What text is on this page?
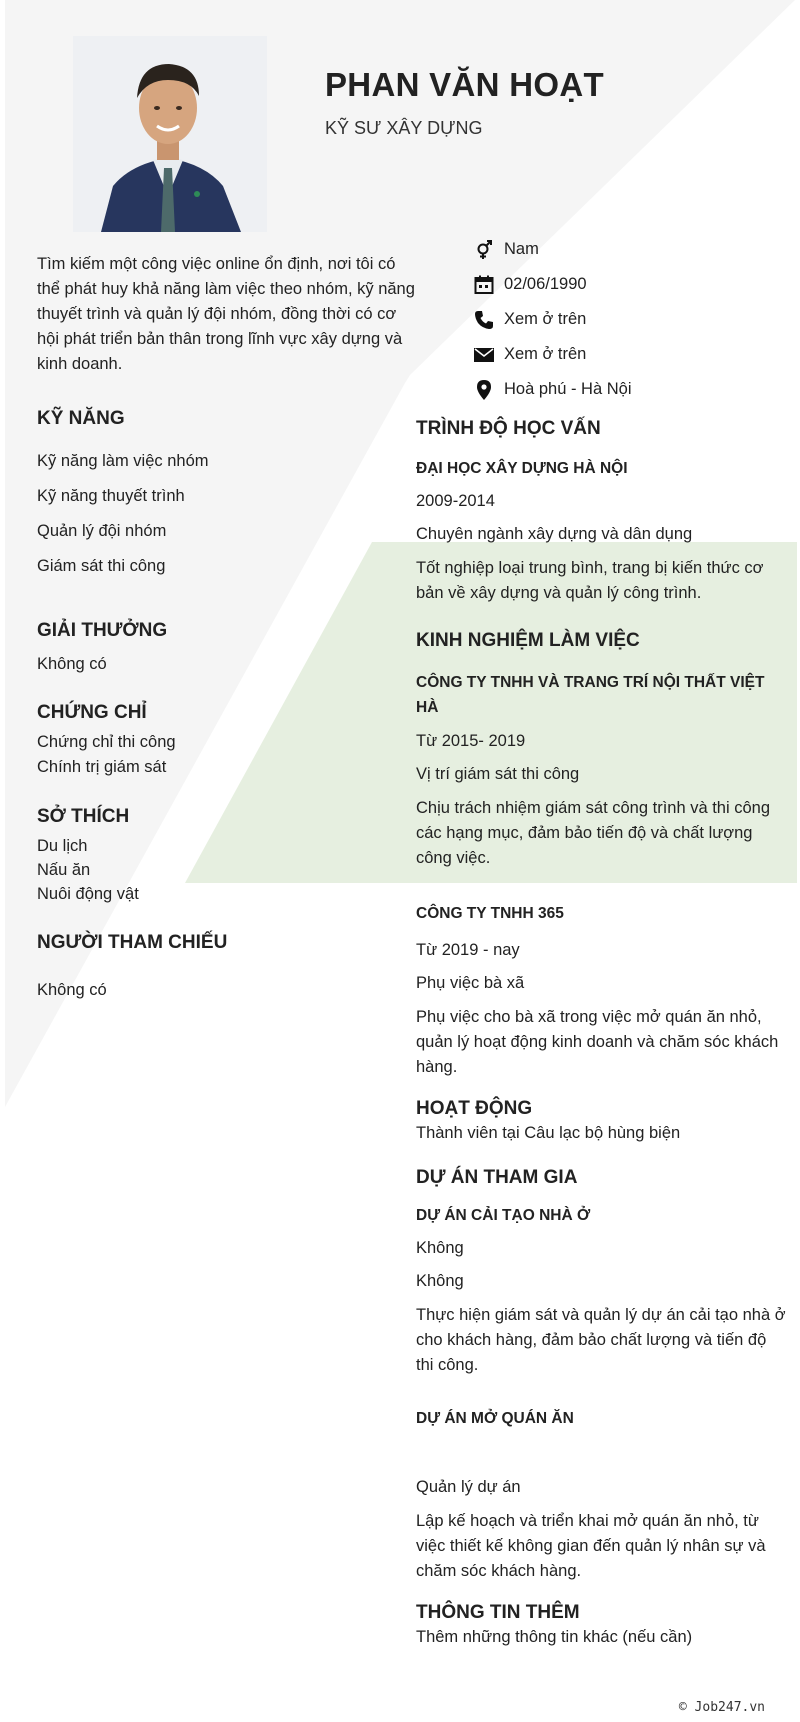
PHAN VĂN HOẠT
KỸ SƯ XÂY DỰNG
Tìm kiếm một công việc online ổn định, nơi tôi có thể phát huy khả năng làm việc theo nhóm, kỹ năng thuyết trình và quản lý đội nhóm, đồng thời có cơ hội phát triển bản thân trong lĩnh vực xây dựng và kinh doanh.
Nam
02/06/1990
Xem ở trên
Xem ở trên
Hoà phú - Hà Nội
KỸ NĂNG

Kỹ năng làm việc nhóm

Kỹ năng thuyết trình

Quản lý đội nhóm

Giám sát thi công

GIẢI THƯỞNG

Không có

CHỨNG CHỈ

Chứng chỉ thi công

Chính trị giám sát

SỞ THÍCH

Du lịch

Nấu ăn

Nuôi động vật

NGƯỜI THAM CHIẾU

Không có

TRÌNH ĐỘ HỌC VẤN

ĐẠI HỌC XÂY DỰNG HÀ NỘI

2009-2014

Chuyên ngành xây dựng và dân dụng

Tốt nghiệp loại trung bình, trang bị kiến thức cơ bản về xây dựng và quản lý công trình.

KINH NGHIỆM LÀM VIỆC

CÔNG TY TNHH VÀ TRANG TRÍ NỘI THẤT VIỆT HÀ

Từ 2015- 2019

Vị trí giám sát thi công

Chịu trách nhiệm giám sát công trình và thi công các hạng mục, đảm bảo tiến độ và chất lượng công việc.

CÔNG TY TNHH 365

Từ 2019 - nay

Phụ việc bà xã

Phụ việc cho bà xã trong việc mở quán ăn nhỏ, quản lý hoạt động kinh doanh và chăm sóc khách hàng.

HOẠT ĐỘNG

Thành viên tại Câu lạc bộ hùng biện

DỰ ÁN THAM GIA

DỰ ÁN CẢI TẠO NHÀ Ở

Không

Không

Thực hiện giám sát và quản lý dự án cải tạo nhà ở cho khách hàng, đảm bảo chất lượng và tiến độ thi công.

DỰ ÁN MỞ QUÁN ĂN

Quản lý dự án

Lập kế hoạch và triển khai mở quán ăn nhỏ, từ việc thiết kế không gian đến quản lý nhân sự và chăm sóc khách hàng.

THÔNG TIN THÊM

Thêm những thông tin khác (nếu cần)

© Job247.vn
